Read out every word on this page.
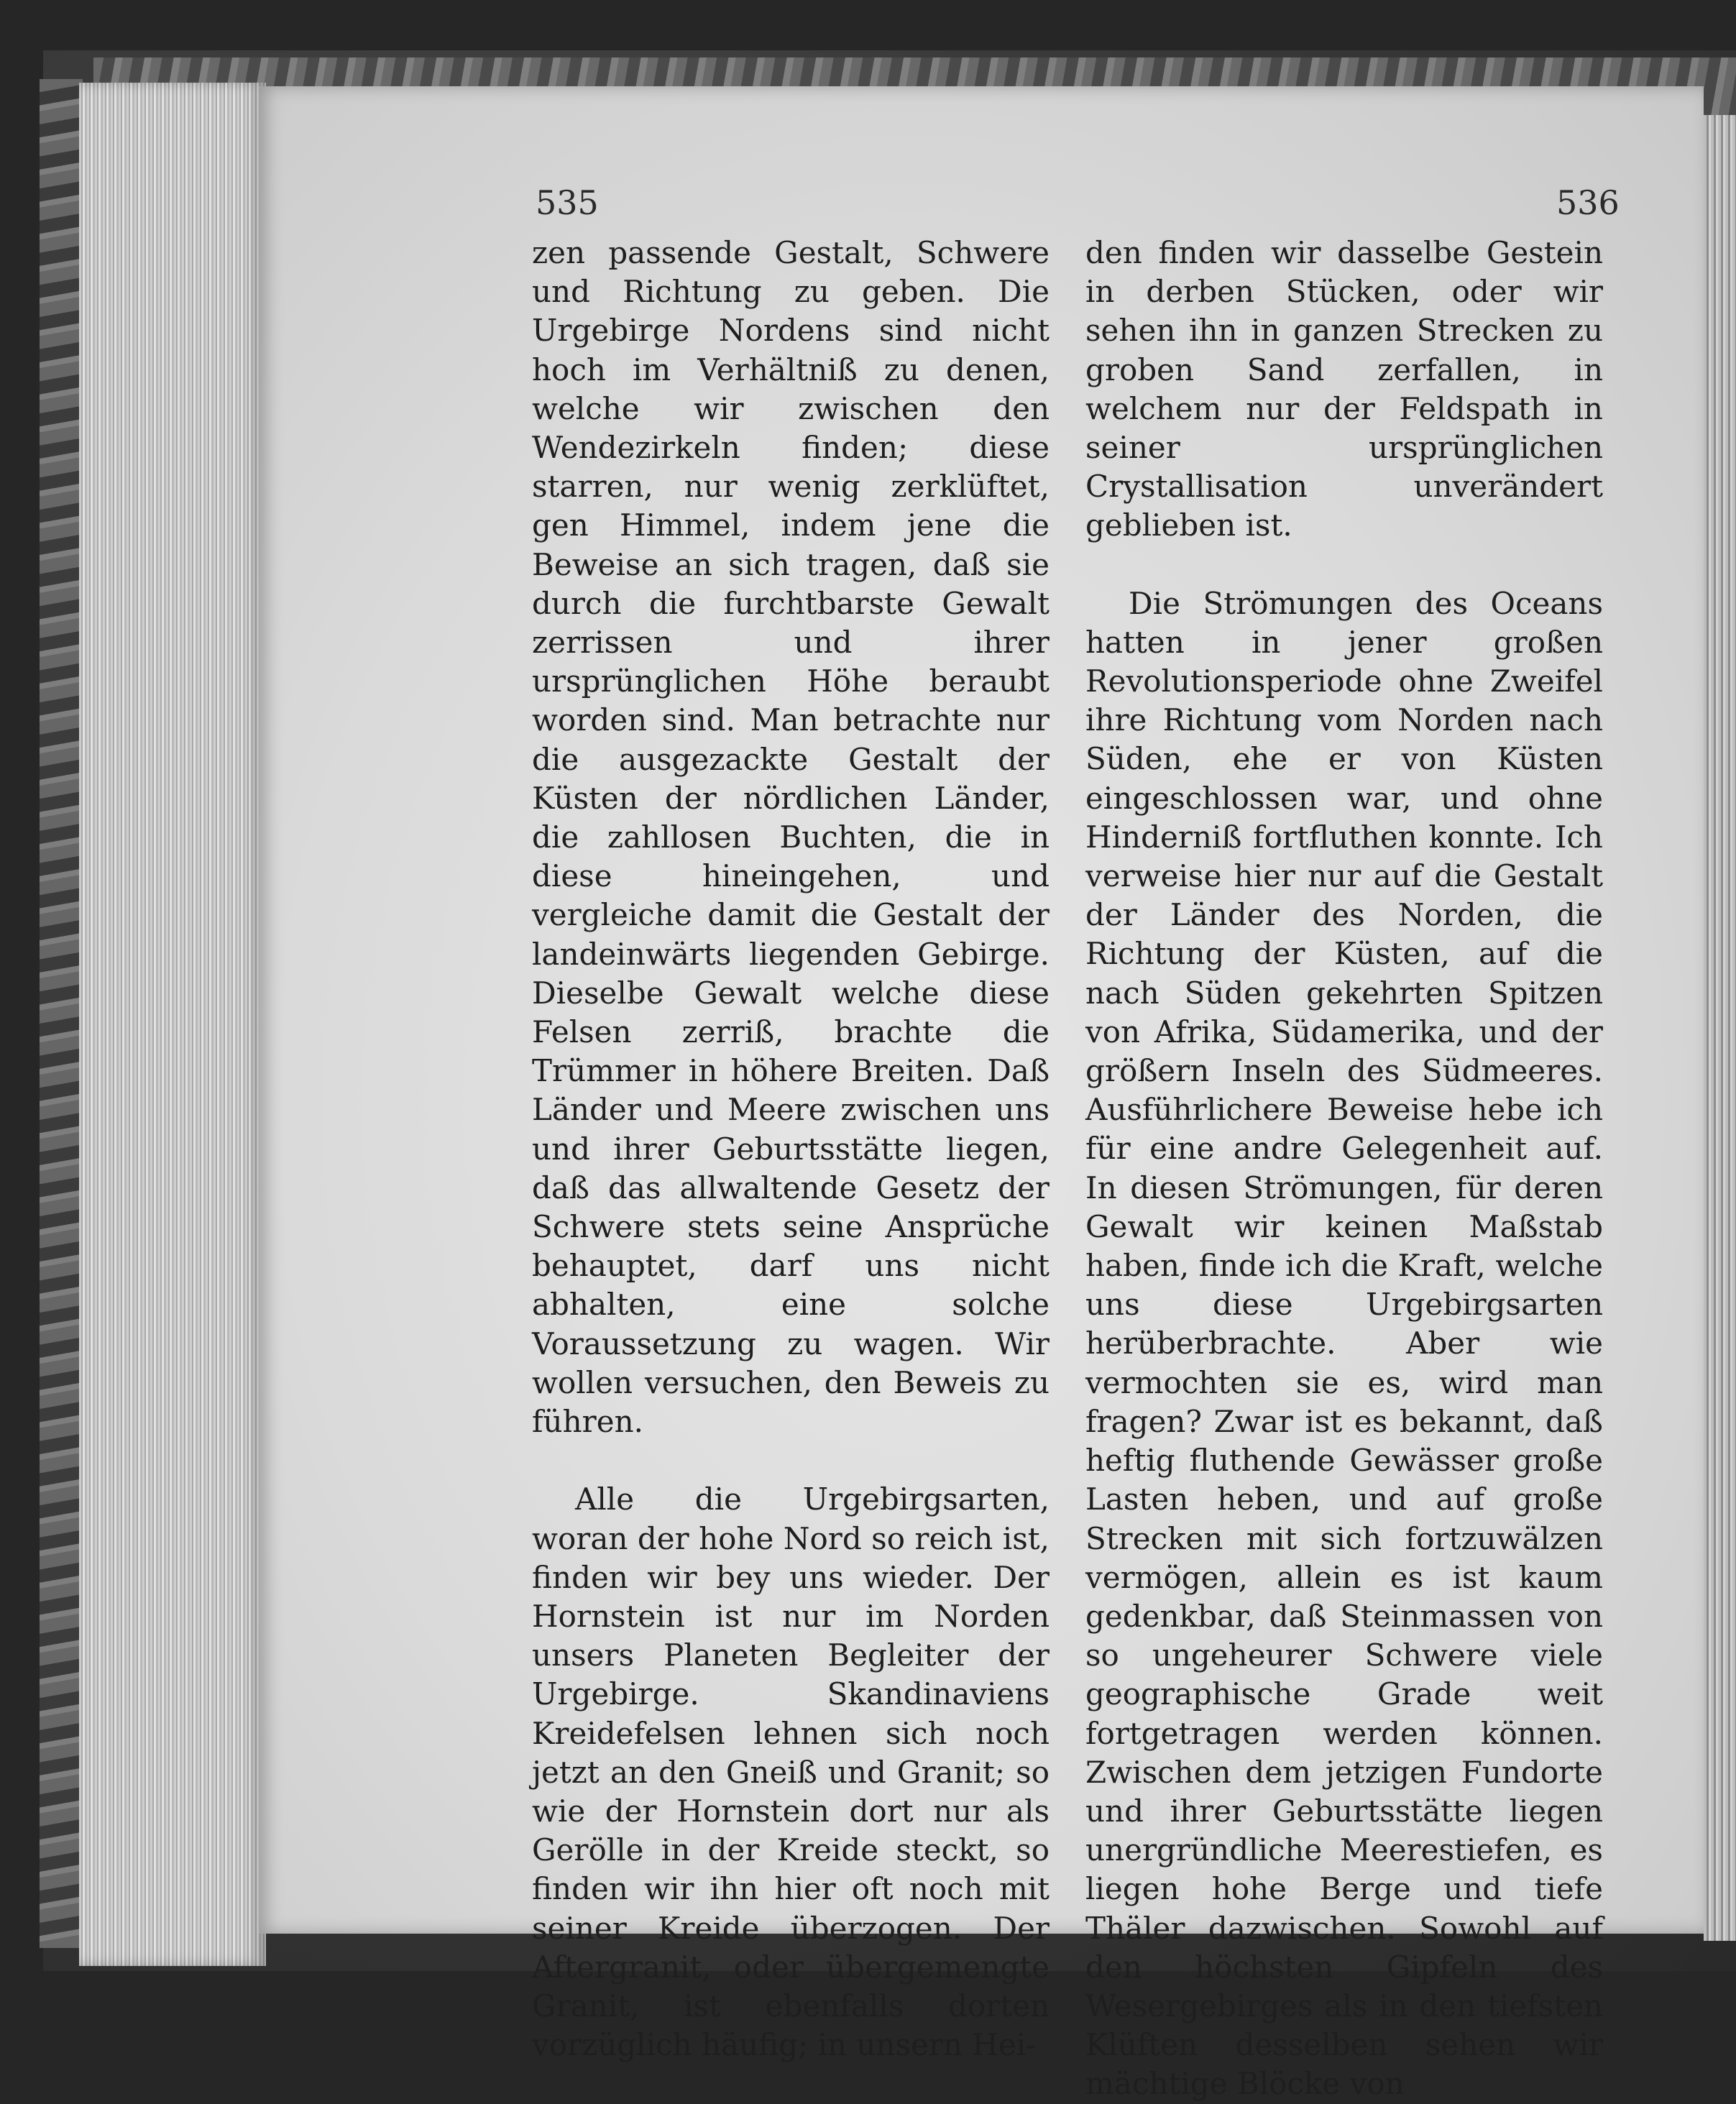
535	536

zen passende Gestalt, Schwere und Richtung zu geben. Die Urgebirge Nordens sind nicht hoch im Verhältniß zu denen, welche wir zwischen den Wendezirkeln finden; diese starren, nur wenig zerklüftet, gen Himmel, indem jene die Beweise an sich tragen, daß sie durch die furchtbarste Gewalt zerrissen und ihrer ursprünglichen Höhe beraubt worden sind. Man betrachte nur die ausgezackte Gestalt der Küsten der nördlichen Länder, die zahllosen Buchten, die in diese hineingehen, und vergleiche damit die Gestalt der landeinwärts liegenden Gebirge. Dieselbe Gewalt welche diese Felsen zerriß, brachte die Trümmer in höhere Breiten. Daß Länder und Meere zwischen uns und ihrer Geburtsstätte liegen, daß das allwaltende Gesetz der Schwere stets seine Ansprüche behauptet, darf uns nicht abhalten, eine solche Voraussetzung zu wagen. Wir wollen versuchen, den Beweis zu führen.

Alle die Urgebirgsarten, woran der hohe Nord so reich ist, finden wir bey uns wieder. Der Hornstein ist nur im Norden unsers Planeten Begleiter der Urgebirge. Skandinaviens Kreidefelsen lehnen sich noch jetzt an den Gneiß und Granit; so wie der Hornstein dort nur als Gerölle in der Kreide steckt, so finden wir ihn hier oft noch mit seiner Kreide überzogen. Der Aftergranit, oder übergemengte Granit, ist ebenfalls dorten vorzüglich häufig; in unsern Hei-

den finden wir dasselbe Gestein in derben Stücken, oder wir sehen ihn in ganzen Strecken zu groben Sand zerfallen, in welchem nur der Feldspath in seiner ursprünglichen Crystallisation unverändert geblieben ist.

Die Strömungen des Oceans hatten in jener großen Revolutionsperiode ohne Zweifel ihre Richtung vom Norden nach Süden, ehe er von Küsten eingeschlossen war, und ohne Hinderniß fortfluthen konnte. Ich verweise hier nur auf die Gestalt der Länder des Norden, die Richtung der Küsten, auf die nach Süden gekehrten Spitzen von Afrika, Südamerika, und der größern Inseln des Südmeeres. Ausführlichere Beweise hebe ich für eine andre Gelegenheit auf. In diesen Strömungen, für deren Gewalt wir keinen Maßstab haben, finde ich die Kraft, welche uns diese Urgebirgsarten herüberbrachte. Aber wie vermochten sie es, wird man fragen? Zwar ist es bekannt, daß heftig fluthende Gewässer große Lasten heben, und auf große Strecken mit sich fortzuwälzen vermögen, allein es ist kaum gedenkbar, daß Steinmassen von so ungeheurer Schwere viele geographische Grade weit fortgetragen werden können. Zwischen dem jetzigen Fundorte und ihrer Geburtsstätte liegen unergründliche Meerestiefen, es liegen hohe Berge und tiefe Thäler dazwischen. Sowohl auf den höchsten Gipfeln des Wesergebirges als in den tiefsten Klüften desselben sehen wir mächtige Blöcke von
